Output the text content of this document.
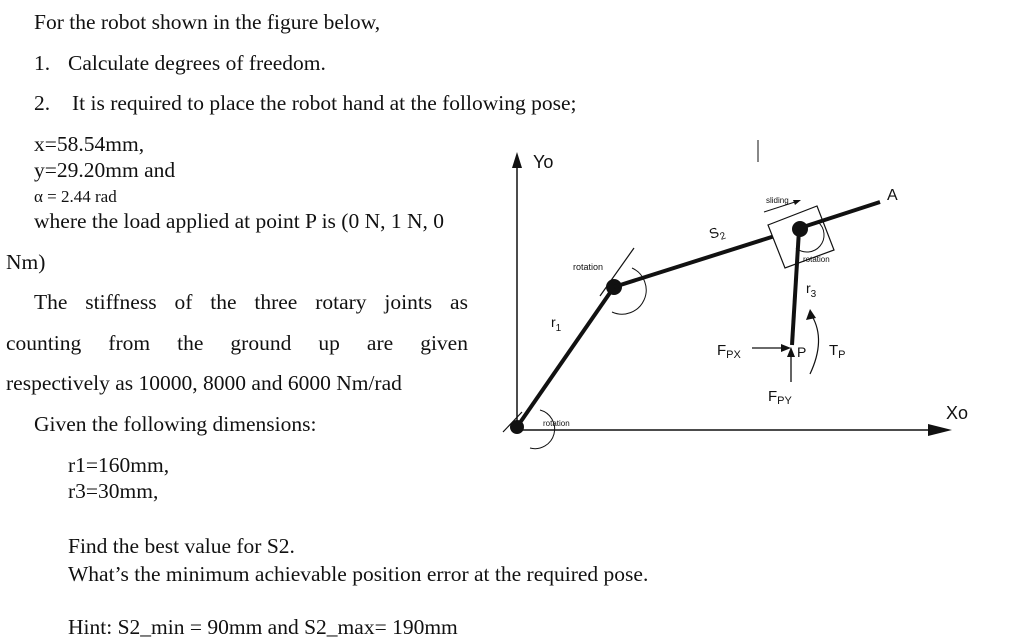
For the robot shown in the figure below,
1. Calculate degrees of freedom.
2. It is required to place the robot hand at the following pose;
x=58.54mm,
y=29.20mm and
α = 2.44 rad
where the load applied at point P is (0 N, 1 N, 0
Nm)
The stiffness of the three rotary joints as
counting from the ground up are given
respectively as 10000, 8000 and 6000 Nm/rad
Given the following dimensions:
r1=160mm,
r3=30mm,
Find the best value for S2.
What’s the minimum achievable position error at the required pose.
Hint: S2_min = 90mm and S2_max= 190mm
Yo
Xo
rotation
$r_1$
rotation
$S_2$
sliding
rotation
A
$r_3$
P
$F_{PX}$
$F_{PY}$
$T_P$
